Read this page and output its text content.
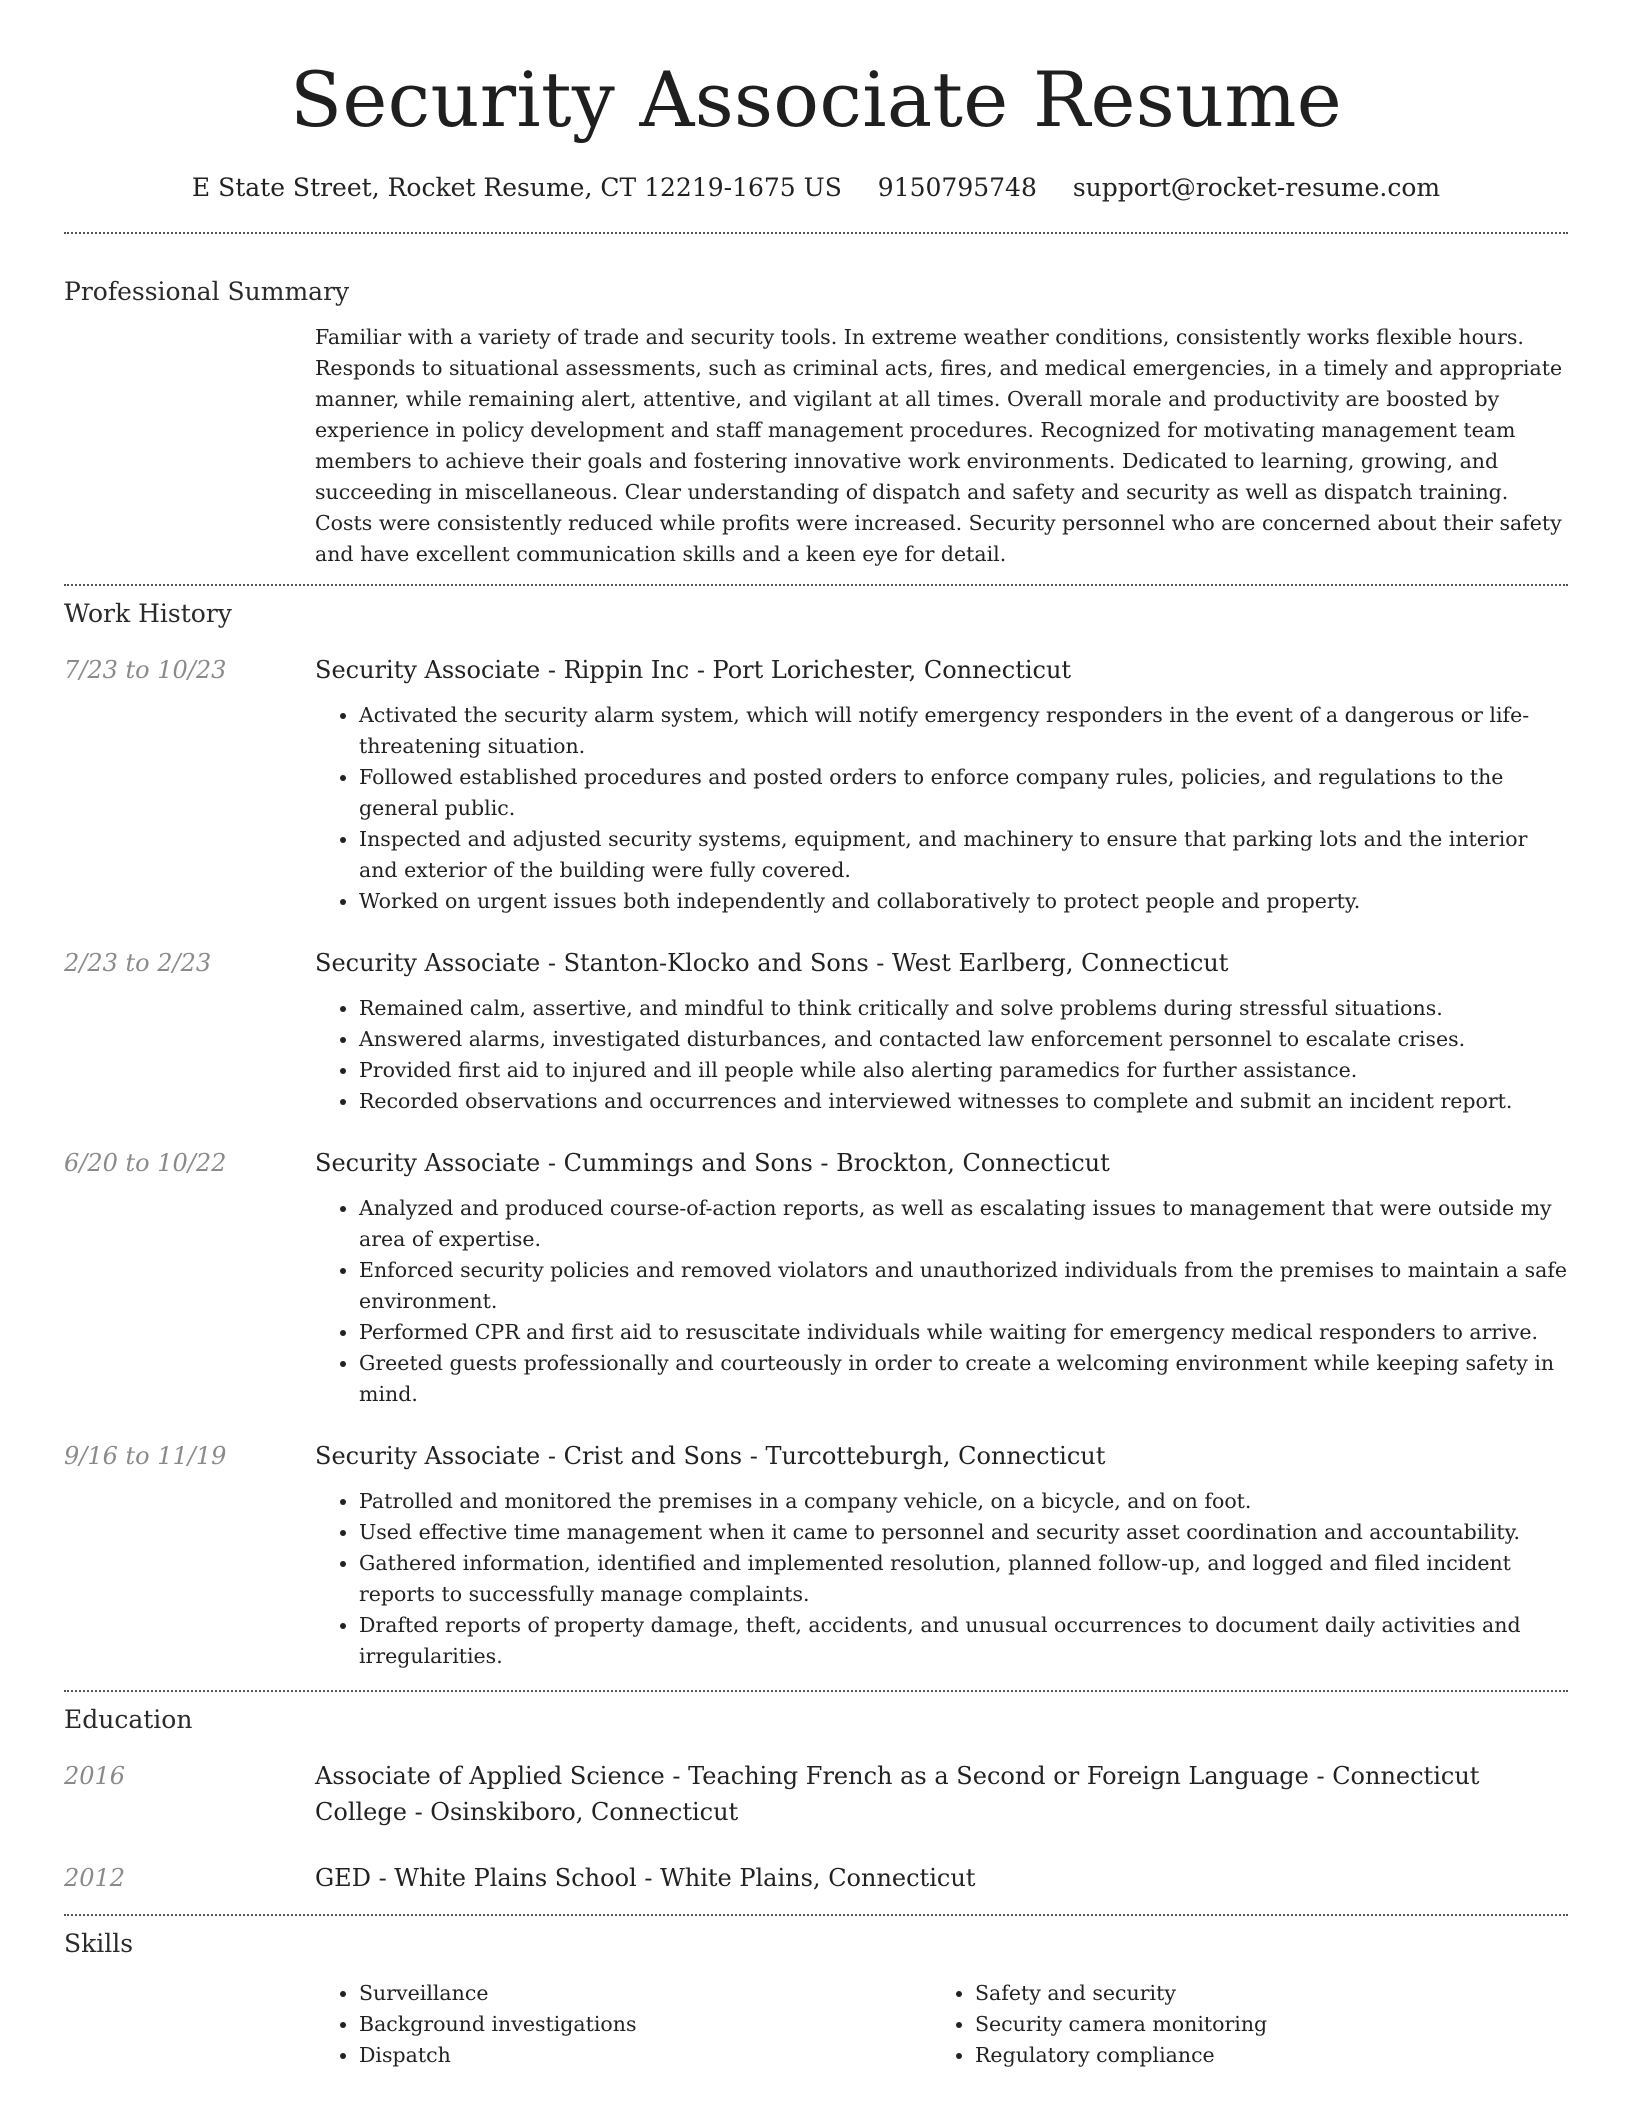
Security Associate Resume
E State Street, Rocket Resume, CT 12219-1675 US 9150795748 support@rocket-resume.com
Professional Summary
Familiar with a variety of trade and security tools. In extreme weather conditions, consistently works flexible hours. Responds to situational assessments, such as criminal acts, fires, and medical emergencies, in a timely and appropriate manner, while remaining alert, attentive, and vigilant at all times. Overall morale and productivity are boosted by experience in policy development and staff management procedures. Recognized for motivating management team members to achieve their goals and fostering innovative work environments. Dedicated to learning, growing, and succeeding in miscellaneous. Clear understanding of dispatch and safety and security as well as dispatch training. Costs were consistently reduced while profits were increased. Security personnel who are concerned about their safety and have excellent communication skills and a keen eye for detail.
Work History
7/23 to 10/23	Security Associate - Rippin Inc - Port Lorichester, Connecticut
• Activated the security alarm system, which will notify emergency responders in the event of a dangerous or life-threatening situation.
• Followed established procedures and posted orders to enforce company rules, policies, and regulations to the general public.
• Inspected and adjusted security systems, equipment, and machinery to ensure that parking lots and the interior and exterior of the building were fully covered.
• Worked on urgent issues both independently and collaboratively to protect people and property.
2/23 to 2/23	Security Associate - Stanton-Klocko and Sons - West Earlberg, Connecticut
• Remained calm, assertive, and mindful to think critically and solve problems during stressful situations.
• Answered alarms, investigated disturbances, and contacted law enforcement personnel to escalate crises.
• Provided first aid to injured and ill people while also alerting paramedics for further assistance.
• Recorded observations and occurrences and interviewed witnesses to complete and submit an incident report.
6/20 to 10/22	Security Associate - Cummings and Sons - Brockton, Connecticut
• Analyzed and produced course-of-action reports, as well as escalating issues to management that were outside my area of expertise.
• Enforced security policies and removed violators and unauthorized individuals from the premises to maintain a safe environment.
• Performed CPR and first aid to resuscitate individuals while waiting for emergency medical responders to arrive.
• Greeted guests professionally and courteously in order to create a welcoming environment while keeping safety in mind.
9/16 to 11/19	Security Associate - Crist and Sons - Turcotteburgh, Connecticut
• Patrolled and monitored the premises in a company vehicle, on a bicycle, and on foot.
• Used effective time management when it came to personnel and security asset coordination and accountability.
• Gathered information, identified and implemented resolution, planned follow-up, and logged and filed incident reports to successfully manage complaints.
• Drafted reports of property damage, theft, accidents, and unusual occurrences to document daily activities and irregularities.
Education
2016	Associate of Applied Science - Teaching French as a Second or Foreign Language - Connecticut College - Osinskiboro, Connecticut
2012	GED - White Plains School - White Plains, Connecticut
Skills
• Surveillance
• Background investigations
• Dispatch
• Safety and security
• Security camera monitoring
• Regulatory compliance
